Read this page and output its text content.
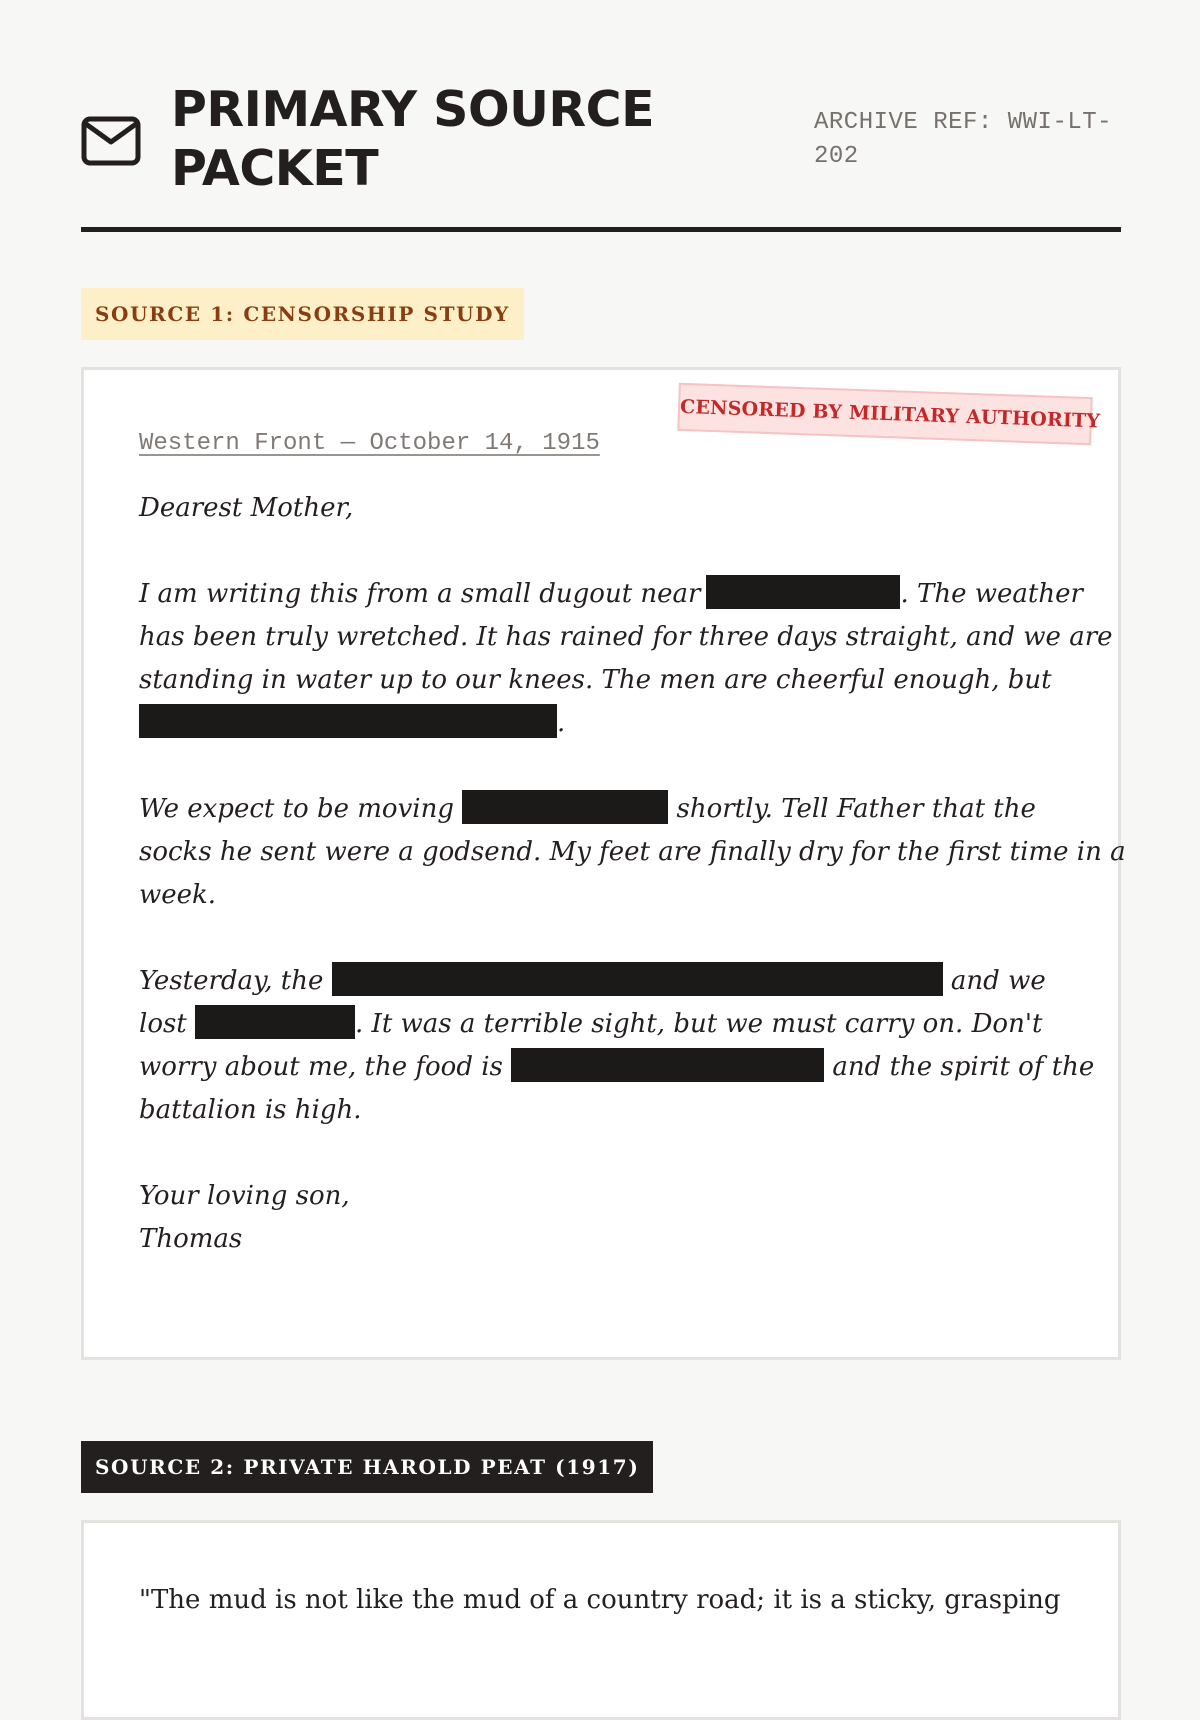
PRIMARY SOURCE PACKET
ARCHIVE REF: WWI-LT-202
SOURCE 1: CENSORSHIP STUDY
CENSORED BY MILITARY AUTHORITY
Western Front — October 14, 1915

Dearest Mother,

I am writing this from a small dugout near	. The weather
has been truly wretched. It has rained for three days straight, and we are
standing in water up to our knees. The men are cheerful enough, but
.

We expect to be moving	shortly. Tell Father that the
socks he sent were a godsend. My feet are finally dry for the first time in a
week.

Yesterday, the	and we
lost	. It was a terrible sight, but we must carry on. Don't
worry about me, the food is	and the spirit of the
battalion is high.

Your loving son,
Thomas

SOURCE 2: PRIVATE HAROLD PEAT (1917)
"The mud is not like the mud of a country road; it is a sticky, grasping
